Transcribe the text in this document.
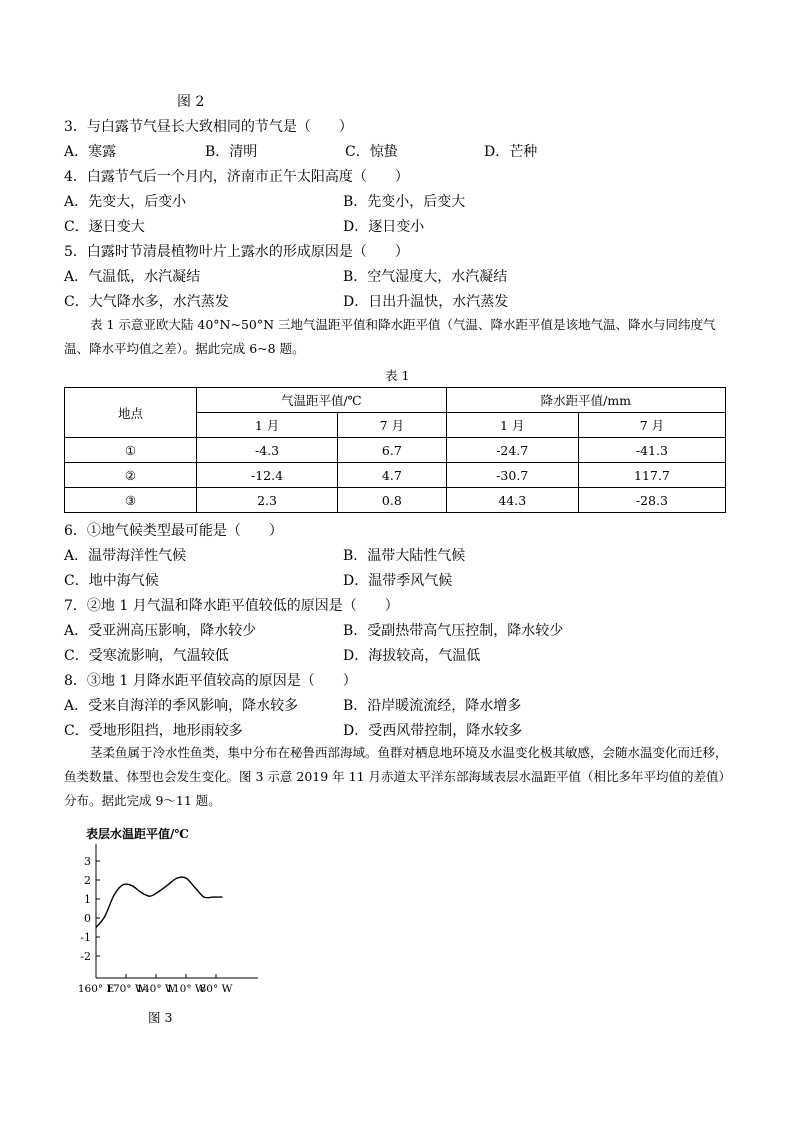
图 2
3．与白露节气昼长大致相同的节气是（　　）
A．寒露	B．清明	C．惊蛰	D．芒种
4．白露节气后一个月内，济南市正午太阳高度（　　）
A．先变大，后变小	B．先变小，后变大
C．逐日变大	D．逐日变小
5．白露时节清晨植物叶片上露水的形成原因是（　　）
A．气温低，水汽凝结	B．空气湿度大，水汽凝结
C．大气降水多，水汽蒸发	D．日出升温快，水汽蒸发
表 1 示意亚欧大陆 40°N~50°N 三地气温距平值和降水距平值（气温、降水距平值是该地气温、降水与同纬度气温、降水平均值之差）。据此完成 6~8 题。
表 1
地点	气温距平值/℃		降水距平值/mm	
	1 月	7 月	1 月	7 月
①	-4.3	6.7	-24.7	-41.3
②	-12.4	4.7	-30.7	117.7
③	2.3	0.8	44.3	-28.3
6．①地气候类型最可能是（　　）
A．温带海洋性气候	B．温带大陆性气候
C．地中海气候	D．温带季风气候
7．②地 1 月气温和降水距平值较低的原因是（　　）
A．受亚洲高压影响，降水较少	B．受副热带高气压控制，降水较少
C．受寒流影响，气温较低	D．海拔较高，气温低
8．③地 1 月降水距平值较高的原因是（　　）
A．受来自海洋的季风影响，降水较多	B．沿岸暖流流经，降水增多
C．受地形阻挡，地形雨较多	D．受西风带控制，降水较多
茎柔鱼属于冷水性鱼类，集中分布在秘鲁西部海域。鱼群对栖息地环境及水温变化极其敏感，会随水温变化而迁移，鱼类数量、体型也会发生变化。图 3 示意 2019 年 11 月赤道太平洋东部海域表层水温距平值（相比多年平均值的差值）分布。据此完成 9～11 题。
表层水温距平值/℃
3
2
1
0
-1
-2
160° E
170° W
140° W
110° W
80° W
图 3
